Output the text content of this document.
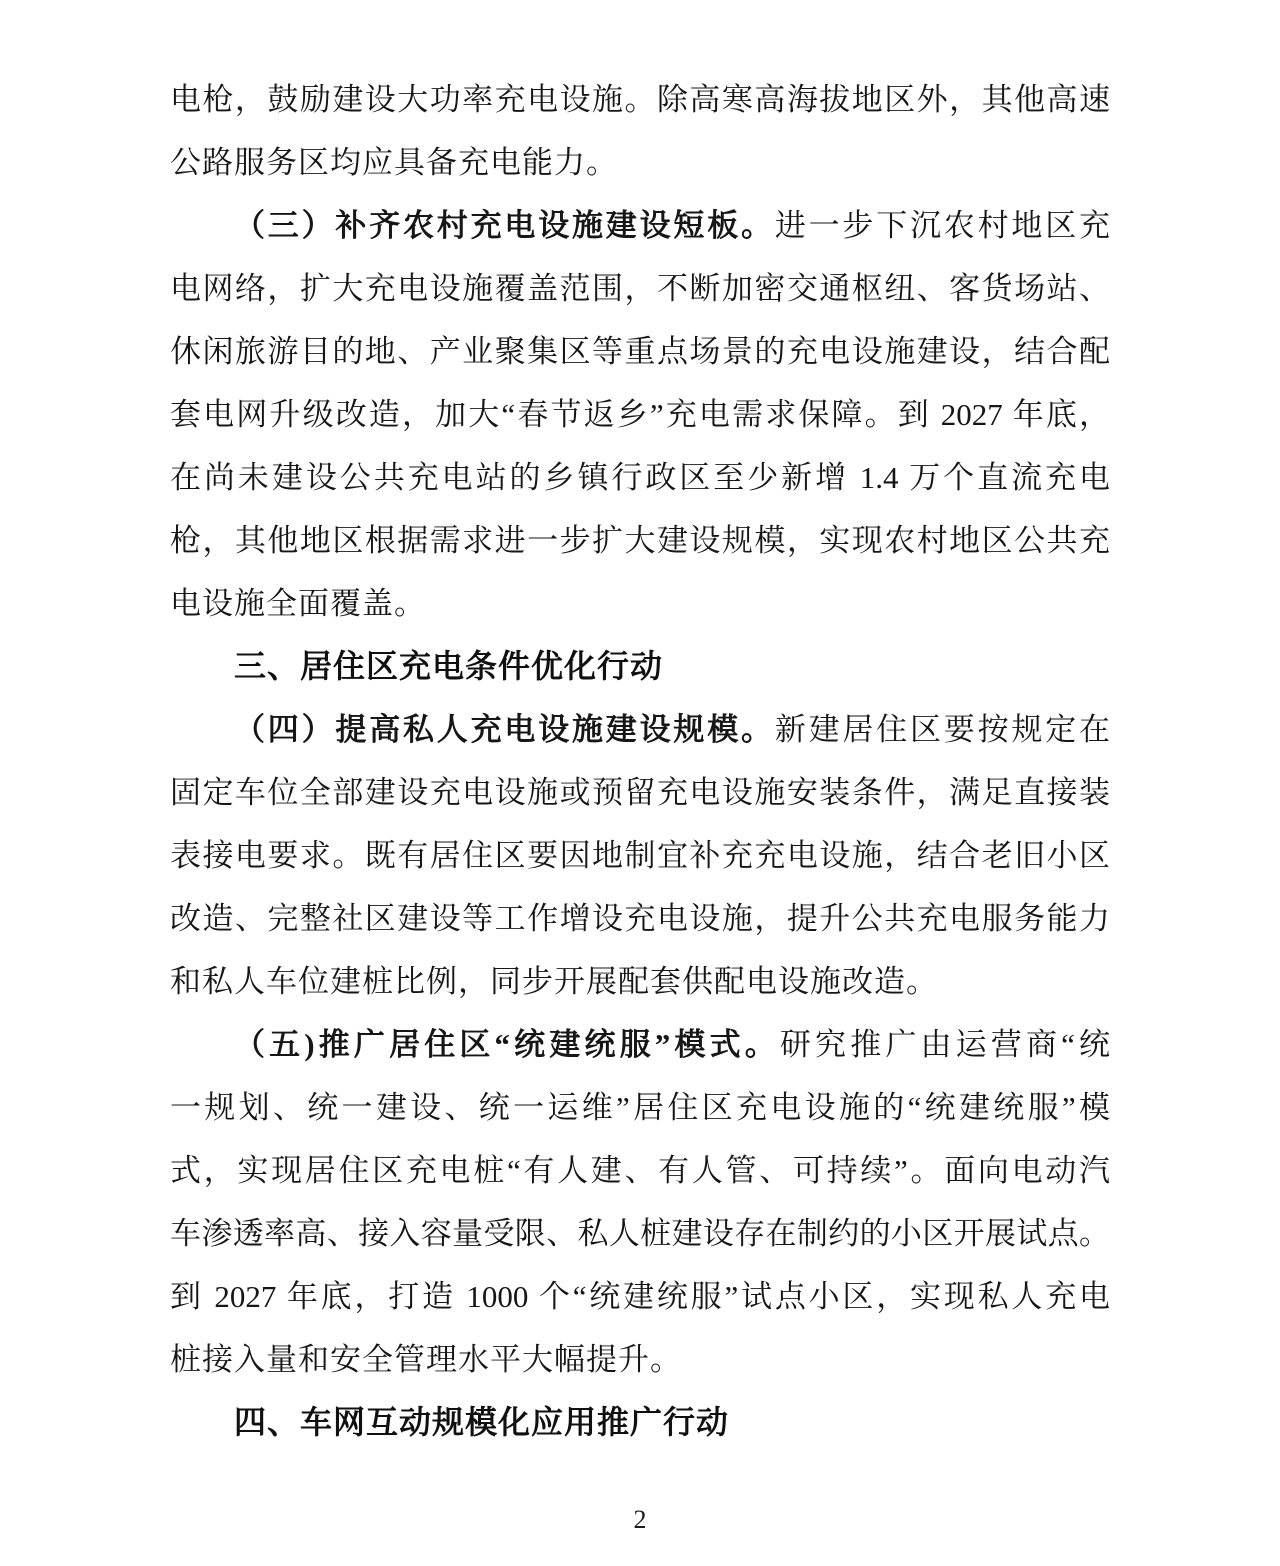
电枪，鼓励建设大功率充电设施。除高寒高海拔地区外，其他高速
公路服务区均应具备充电能力。
（三）补齐农村充电设施建设短板。进一步下沉农村地区充
电网络，扩大充电设施覆盖范围，不断加密交通枢纽、客货场站、
休闲旅游目的地、产业聚集区等重点场景的充电设施建设，结合配
套电网升级改造，加大“春节返乡”充电需求保障。到 2027 年底，
在尚未建设公共充电站的乡镇行政区至少新增 1.4 万个直流充电
枪，其他地区根据需求进一步扩大建设规模，实现农村地区公共充
电设施全面覆盖。
三、居住区充电条件优化行动
（四）提高私人充电设施建设规模。新建居住区要按规定在
固定车位全部建设充电设施或预留充电设施安装条件，满足直接装
表接电要求。既有居住区要因地制宜补充充电设施，结合老旧小区
改造、完整社区建设等工作增设充电设施，提升公共充电服务能力
和私人车位建桩比例，同步开展配套供配电设施改造。
（五)推广居住区“统建统服”模式。研究推广由运营商“统
一规划、统一建设、统一运维”居住区充电设施的“统建统服”模
式，实现居住区充电桩“有人建、有人管、可持续”。面向电动汽
车渗透率高、接入容量受限、私人桩建设存在制约的小区开展试点。
到 2027 年底，打造 1000 个“统建统服”试点小区，实现私人充电
桩接入量和安全管理水平大幅提升。
四、车网互动规模化应用推广行动
2
